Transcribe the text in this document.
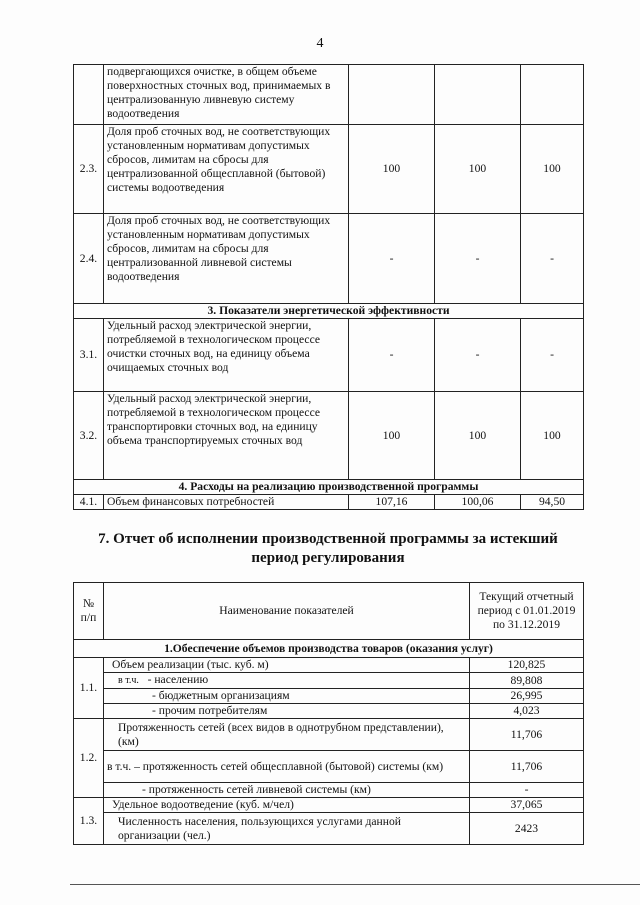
4
	подвергающихся очистке, в общем объеме поверхностных сточных вод, принимаемых в централизованную ливневую систему водоотведения			
2.3.	Доля проб сточных вод, не соответствующих установленным нормативам допустимых сбросов, лимитам на сбросы для централизованной общесплавной (бытовой) системы водоотведения	100	100	100
2.4.	Доля проб сточных вод, не соответствующих установленным нормативам допустимых сбросов, лимитам на сбросы для централизованной ливневой системы водоотведения	-	-	-
3. Показатели энергетической эффективности				
3.1.	Удельный расход электрической энергии, потребляемой в технологическом процессе очистки сточных вод, на единицу объема очищаемых сточных вод	-	-	-
3.2.	Удельный расход электрической энергии, потребляемой в технологическом процессе транспортировки сточных вод, на единицу объема транспортируемых сточных вод	100	100	100
4. Расходы на реализацию производственной программы				
4.1.	Объем финансовых потребностей	107,16	100,06	94,50
7. Отчет об исполнении производственной программы за истекший период регулирования
№ п/п	Наименование показателей	Текущий отчетный период с 01.01.2019 по 31.12.2019
1.Обеспечение объемов производства товаров (оказания услуг)		
1.1.	Объем реализации (тыс. куб. м)	120,825
	в т.ч. - населению	89,808
	- бюджетным организациям	26,995
	- прочим потребителям	4,023
1.2.	Протяженность сетей (всех видов в однотрубном представлении), (км)	11,706
	в т.ч. – протяженность сетей общесплавной (бытовой) системы (км)	11,706
	- протяженность сетей ливневой системы (км)	-
1.3.	Удельное водоотведение (куб. м/чел)	37,065
	Численность населения, пользующихся услугами данной организации (чел.)	2423
